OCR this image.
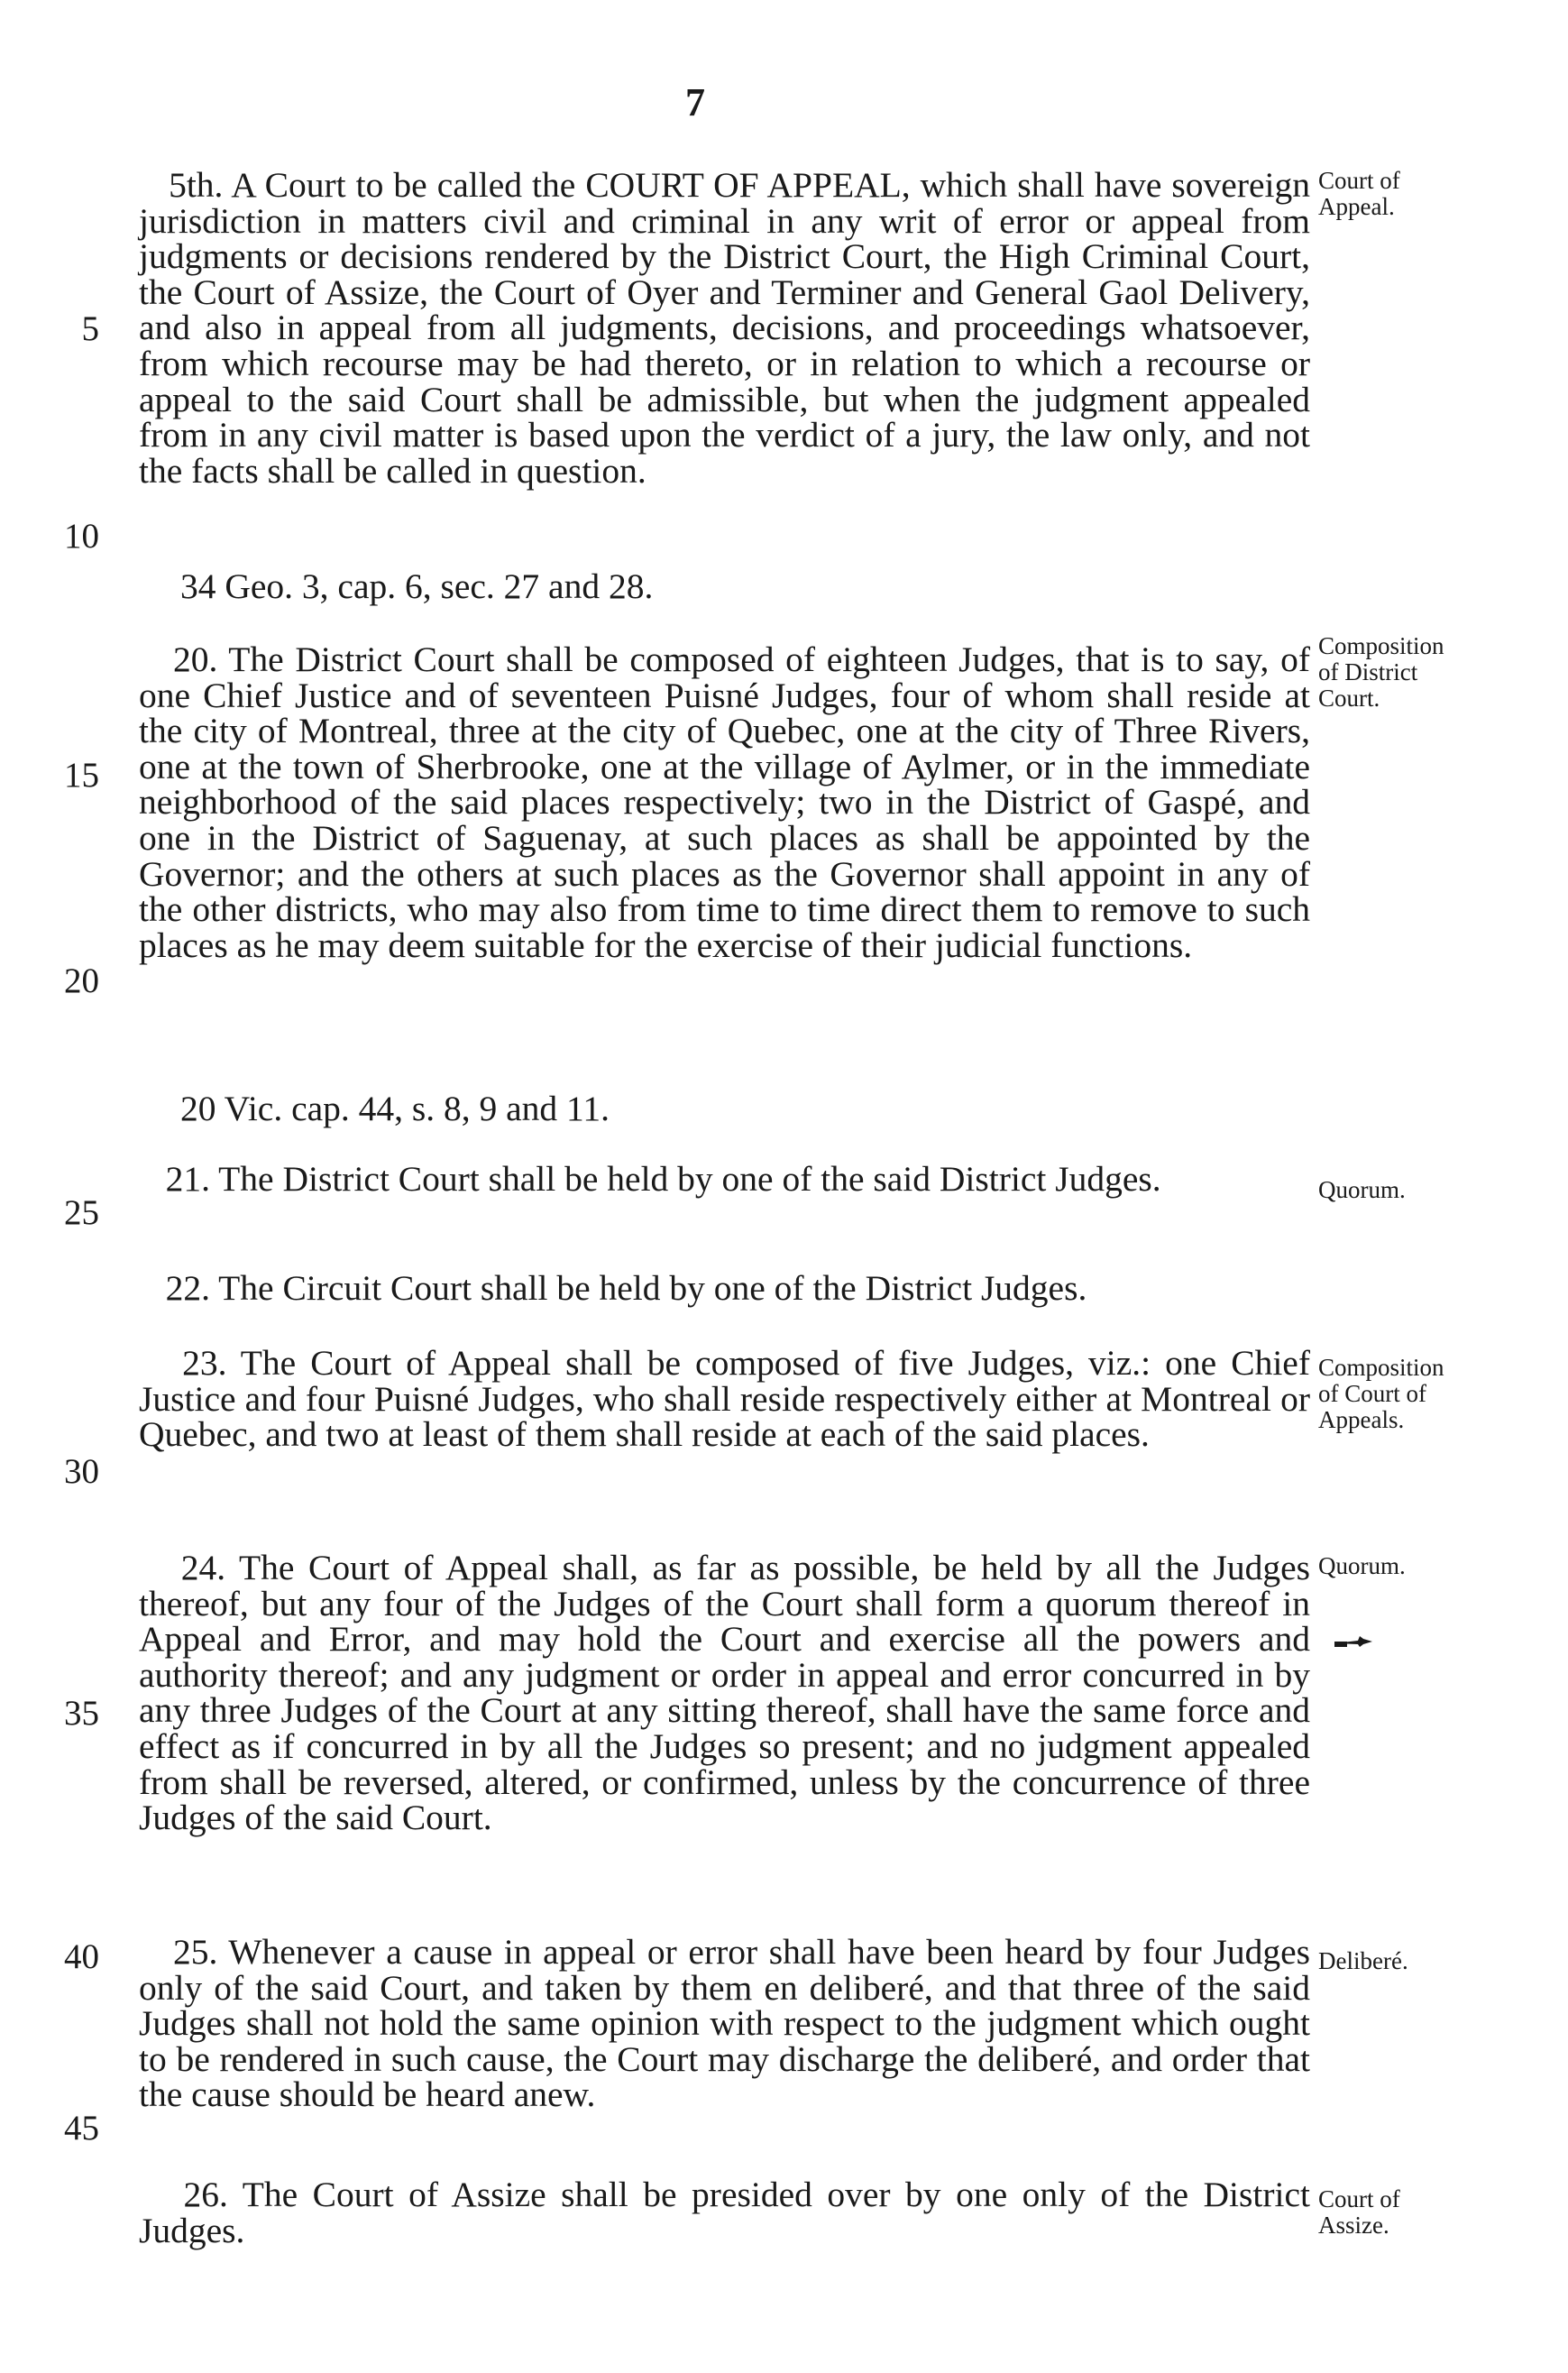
7

5th. A Court to be called the COURT OF APPEAL, which shall have sovereign jurisdiction in matters civil and criminal in any writ of error or appeal from judgments or decisions rendered by the District Court, the High Criminal Court, the Court of Assize, the Court of Oyer and Terminer and General Gaol Delivery, and also in appeal from all judgments, decisions, and proceedings whatsoever, from which recourse may be had thereto, or in relation to which a recourse or appeal to the said Court shall be admissible, but when the judgment appealed from in any civil matter is based upon the verdict of a jury, the law only, and not the facts shall be called in question.

34 Geo. 3, cap. 6, sec. 27 and 28.

20. The District Court shall be composed of eighteen Judges, that is to say, of one Chief Justice and of seventeen Puisné Judges, four of whom shall reside at the city of Montreal, three at the city of Quebec, one at the city of Three Rivers, one at the town of Sherbrooke, one at the village of Aylmer, or in the immediate neighborhood of the said places respectively; two in the District of Gaspé, and one in the District of Saguenay, at such places as shall be appointed by the Governor; and the others at such places as the Governor shall appoint in any of the other districts, who may also from time to time direct them to remove to such places as he may deem suitable for the exercise of their judicial functions.

20 Vic. cap. 44, s. 8, 9 and 11.

21. The District Court shall be held by one of the said District Judges.

22. The Circuit Court shall be held by one of the District Judges.

23. The Court of Appeal shall be composed of five Judges, viz.: one Chief Justice and four Puisné Judges, who shall reside respectively either at Montreal or Quebec, and two at least of them shall reside at each of the said places.

24. The Court of Appeal shall, as far as possible, be held by all the Judges thereof, but any four of the Judges of the Court shall form a quorum thereof in Appeal and Error, and may hold the Court and exercise all the powers and authority thereof; and any judgment or order in appeal and error concurred in by any three Judges of the Court at any sitting thereof, shall have the same force and effect as if concurred in by all the Judges so present; and no judgment appealed from shall be reversed, altered, or confirmed, unless by the concurrence of three Judges of the said Court.

25. Whenever a cause in appeal or error shall have been heard by four Judges only of the said Court, and taken by them en deliberé, and that three of the said Judges shall not hold the same opinion with respect to the judgment which ought to be rendered in such cause, the Court may discharge the deliberé, and order that the cause should be heard anew.

26. The Court of Assize shall be presided over by one only of the District Judges.

5
10
15
20
25
30
35
40
45
Court of
Appeal.
Composition
of District
Court.
Quorum.
Composition
of Court of
Appeals.
Quorum.
Deliberé.
Court of
Assize.
